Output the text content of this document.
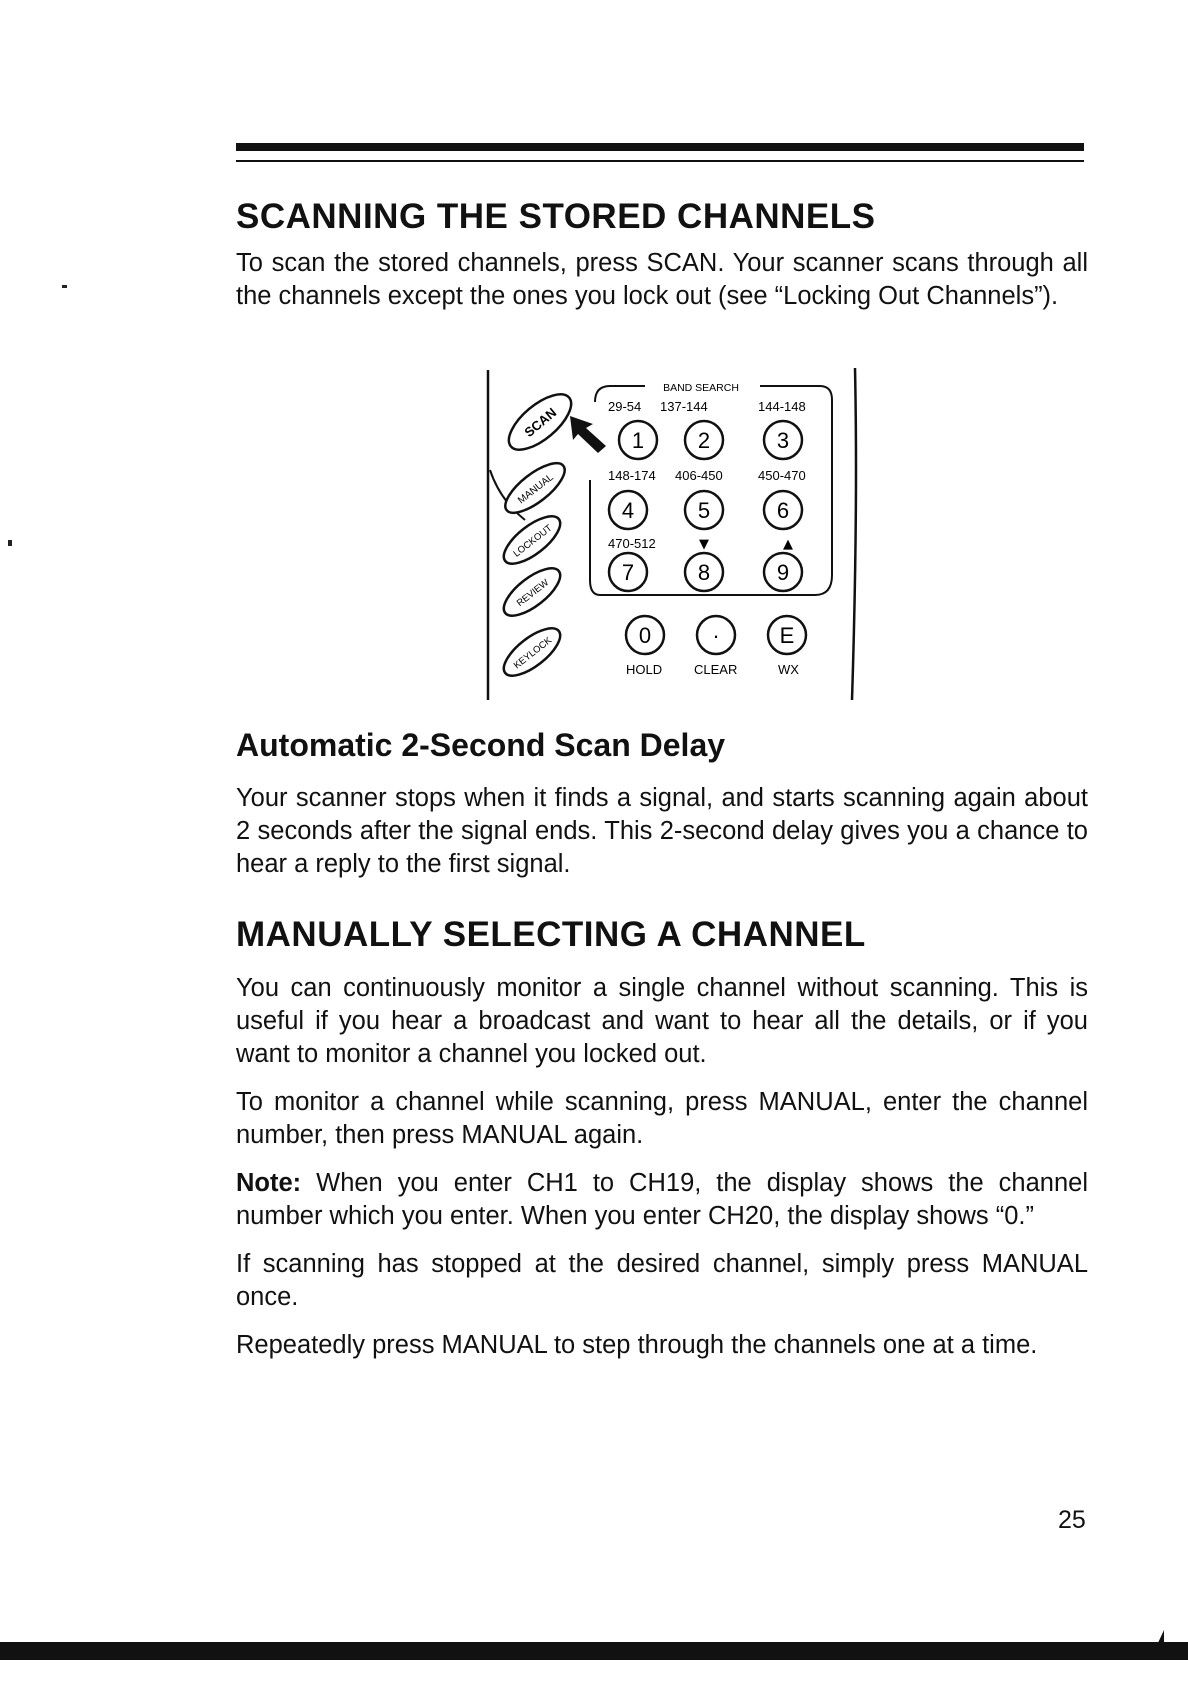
SCANNING THE STORED CHANNELS

To scan the stored channels, press SCAN. Your scanner scans through all the channels except the ones you lock out (see “Locking Out Channels”).

BAND SEARCH
29-54 137-144	144-148
1 2	3
148-174 406-450	450-470
4	5	6
470-512	▼	▲
7	8	9
0	·	E
HOLD CLEAR	WX
SCAN
MANUAL
LOCKOUT
REVIEW
KEYLOCK
Automatic 2-Second Scan Delay

Your scanner stops when it finds a signal, and starts scanning again about 2 seconds after the signal ends. This 2-second delay gives you a chance to hear a reply to the first signal.

MANUALLY SELECTING A CHANNEL

You can continuously monitor a single channel without scanning. This is useful if you hear a broadcast and want to hear all the details, or if you want to monitor a channel you locked out.

To monitor a channel while scanning, press MANUAL, enter the channel number, then press MANUAL again.

Note: When you enter CH1 to CH19, the display shows the channel number which you enter. When you enter CH20, the display shows “0.”

If scanning has stopped at the desired channel, simply press MANUAL once.

Repeatedly press MANUAL to step through the channels one at a time.

25
